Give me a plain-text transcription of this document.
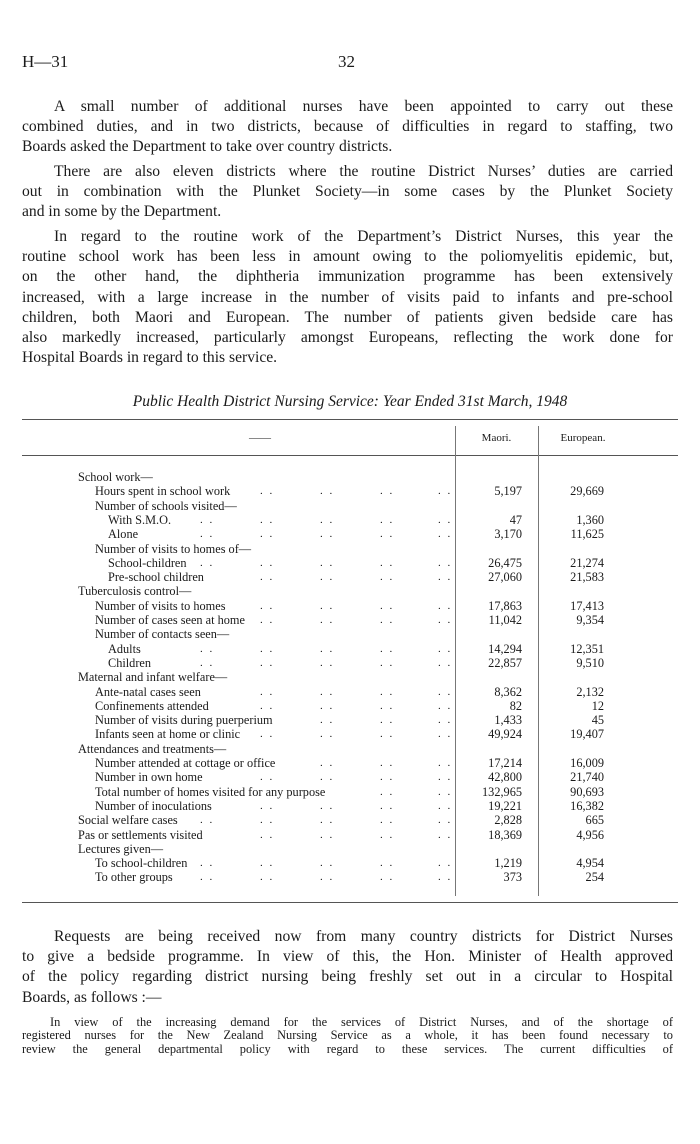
H—31	32
A small number of additional nurses have been appointed to carry out these
combined duties, and in two districts, because of difficulties in regard to staffing, two
Boards asked the Department to take over country districts.
There are also eleven districts where the routine District Nurses’ duties are carried
out in combination with the Plunket Society—in some cases by the Plunket Society
and in some by the Department.
In regard to the routine work of the Department’s District Nurses, this year the
routine school work has been less in amount owing to the poliomyelitis epidemic, but,
on the other hand, the diphtheria immunization programme has been extensively
increased, with a large increase in the number of visits paid to infants and pre-school
children, both Maori and European. The number of patients given bedside care has
also markedly increased, particularly amongst Europeans, reflecting the work done for
Hospital Boards in regard to this service.
Public Health District Nursing Service: Year Ended 31st March, 1948
——	Maori.	European.
School work—
Hours spent in school work	5,197	29,669
. .	. .	. .	. .
Number of schools visited—
With S.M.O.	47	1,360
. .	. .	. .	. .	. .
Alone	3,170	11,625
. .	. .	. .	. .	. .
Number of visits to homes of—
School-children	26,475	21,274
. .	. .	. .	. .	. .
Pre-school children	27,060	21,583
. .	. .	. .	. .
Tuberculosis control—
Number of visits to homes	17,863	17,413
. .	. .	. .	. .
Number of cases seen at home	11,042	9,354
. .	. .	. .	. .
Number of contacts seen—
Adults	14,294	12,351
. .	. .	. .	. .	. .
Children	22,857	9,510
. .	. .	. .	. .	. .
Maternal and infant welfare—
Ante-natal cases seen	8,362	2,132
. .	. .	. .	. .
Confinements attended	82	12
. .	. .	. .	. .
Number of visits during puerperium	1,433	45
. .	. .	. .
Infants seen at home or clinic	49,924	19,407
. .	. .	. .	. .
Attendances and treatments—
Number attended at cottage or office	17,214	16,009
. .	. .	. .
Number in own home	42,800	21,740
. .	. .	. .	. .
Total number of homes visited for any purpose	132,965	90,693
. .	. .
Number of inoculations	19,221	16,382
. .	. .	. .	. .
Social welfare cases	2,828	665
. .	. .	. .	. .	. .
Pas or settlements visited	18,369	4,956
. .	. .	. .	. .
Lectures given—
To school-children	1,219	4,954
. .	. .	. .	. .	. .
To other groups	373	254
. .	. .	. .	. .	. .
Requests are being received now from many country districts for District Nurses
to give a bedside programme. In view of this, the Hon. Minister of Health approved
of the policy regarding district nursing being freshly set out in a circular to Hospital
Boards, as follows :—
In view of the increasing demand for the services of District Nurses, and of the shortage of
registered nurses for the New Zealand Nursing Service as a whole, it has been found necessary to
review the general departmental policy with regard to these services. The current difficulties of
